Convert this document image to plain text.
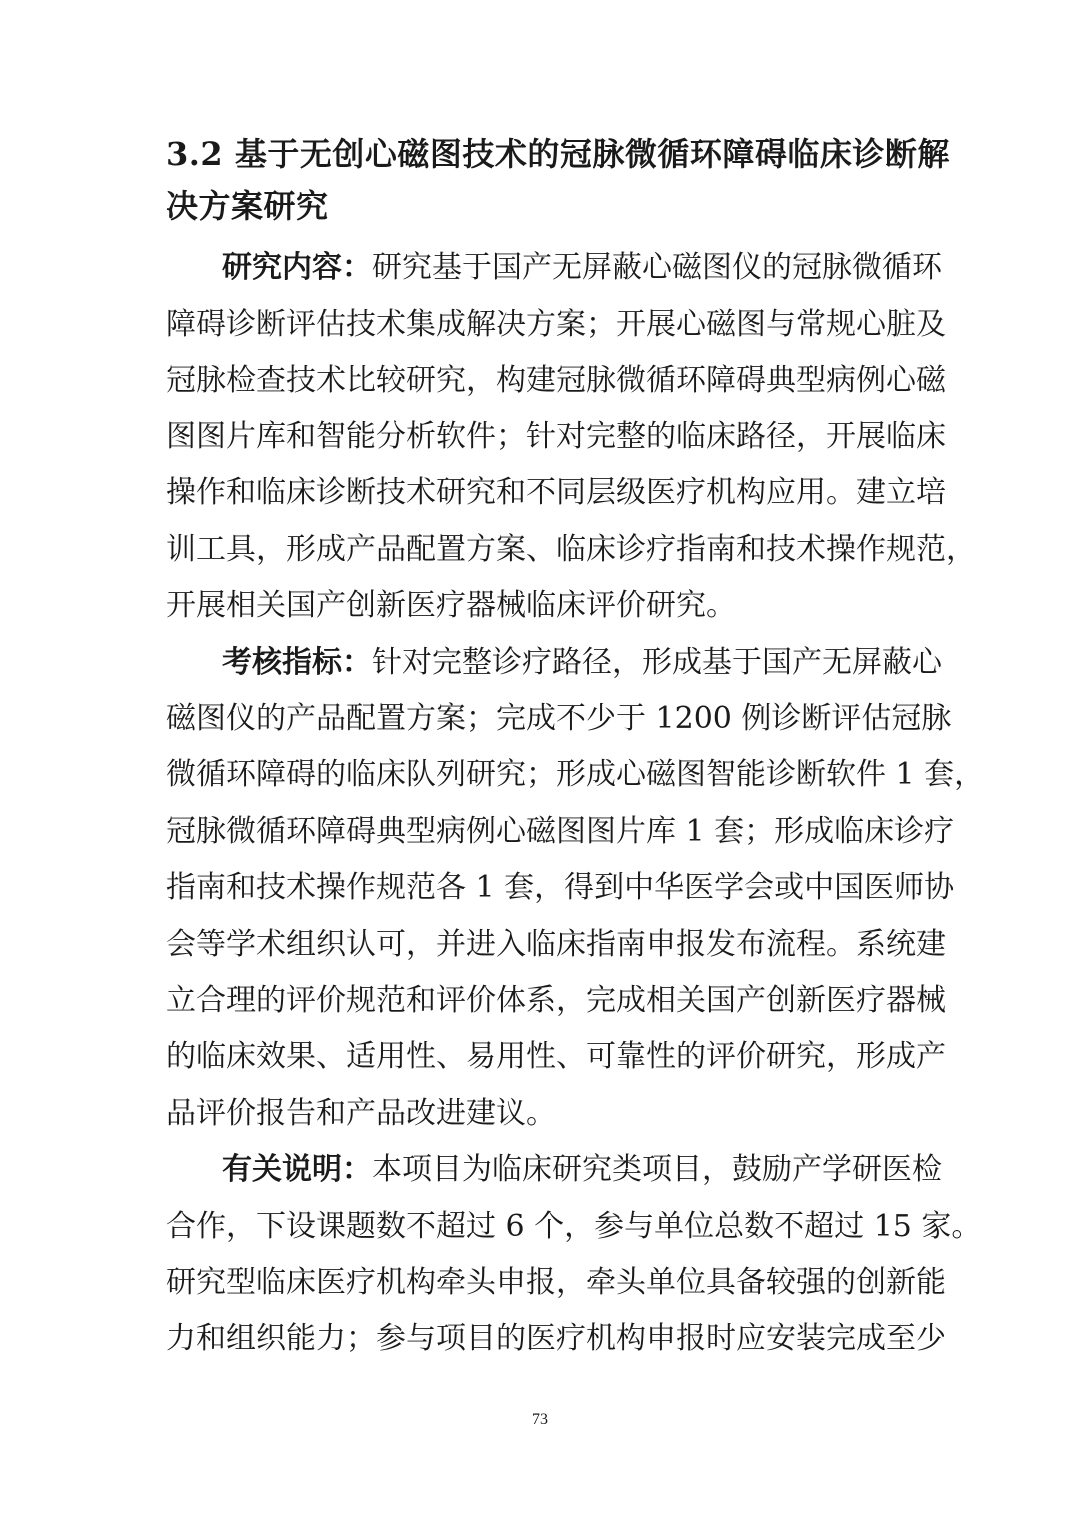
3.2 基于无创心磁图技术的冠脉微循环障碍临床诊断解
决方案研究
研究内容：研究基于国产无屏蔽心磁图仪的冠脉微循环
障碍诊断评估技术集成解决方案；开展心磁图与常规心脏及
冠脉检查技术比较研究，构建冠脉微循环障碍典型病例心磁
图图片库和智能分析软件；针对完整的临床路径，开展临床
操作和临床诊断技术研究和不同层级医疗机构应用。建立培
训工具，形成产品配置方案、临床诊疗指南和技术操作规范，
开展相关国产创新医疗器械临床评价研究。
考核指标：针对完整诊疗路径，形成基于国产无屏蔽心
磁图仪的产品配置方案；完成不少于 1200 例诊断评估冠脉
微循环障碍的临床队列研究；形成心磁图智能诊断软件 1 套，
冠脉微循环障碍典型病例心磁图图片库 1 套；形成临床诊疗
指南和技术操作规范各 1 套，得到中华医学会或中国医师协
会等学术组织认可，并进入临床指南申报发布流程。系统建
立合理的评价规范和评价体系，完成相关国产创新医疗器械
的临床效果、适用性、易用性、可靠性的评价研究，形成产
品评价报告和产品改进建议。
有关说明：本项目为临床研究类项目，鼓励产学研医检
合作，下设课题数不超过 6 个，参与单位总数不超过 15 家。
研究型临床医疗机构牵头申报，牵头单位具备较强的创新能
力和组织能力；参与项目的医疗机构申报时应安装完成至少
73
